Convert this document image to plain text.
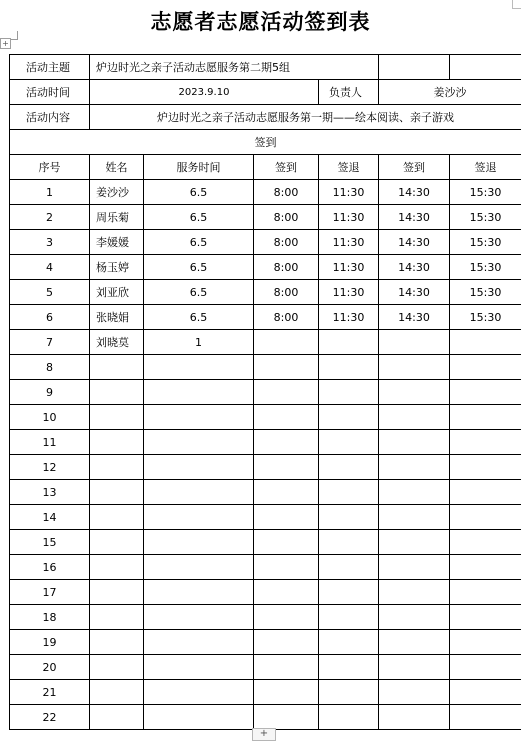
志愿者志愿活动签到表
+
活动主题	炉边时光之亲子活动志愿服务第二期5组					
活动时间	2023.9.10			负责人	姜沙沙	
活动内容	炉边时光之亲子活动志愿服务第一期——绘本阅读、亲子游戏					
签到						
序号	姓名	服务时间	签到	签退	签到	签退
1	姜沙沙	6.5	8:00	11:30	14:30	15:30
2	周乐菊	6.5	8:00	11:30	14:30	15:30
3	李媛媛	6.5	8:00	11:30	14:30	15:30
4	杨玉婷	6.5	8:00	11:30	14:30	15:30
5	刘亚欣	6.5	8:00	11:30	14:30	15:30
6	张晓娟	6.5	8:00	11:30	14:30	15:30
7	刘晓莫	1				
8						
9						
10						
11						
12						
13						
14						
15						
16						
17						
18						
19						
20						
21						
22						
+
